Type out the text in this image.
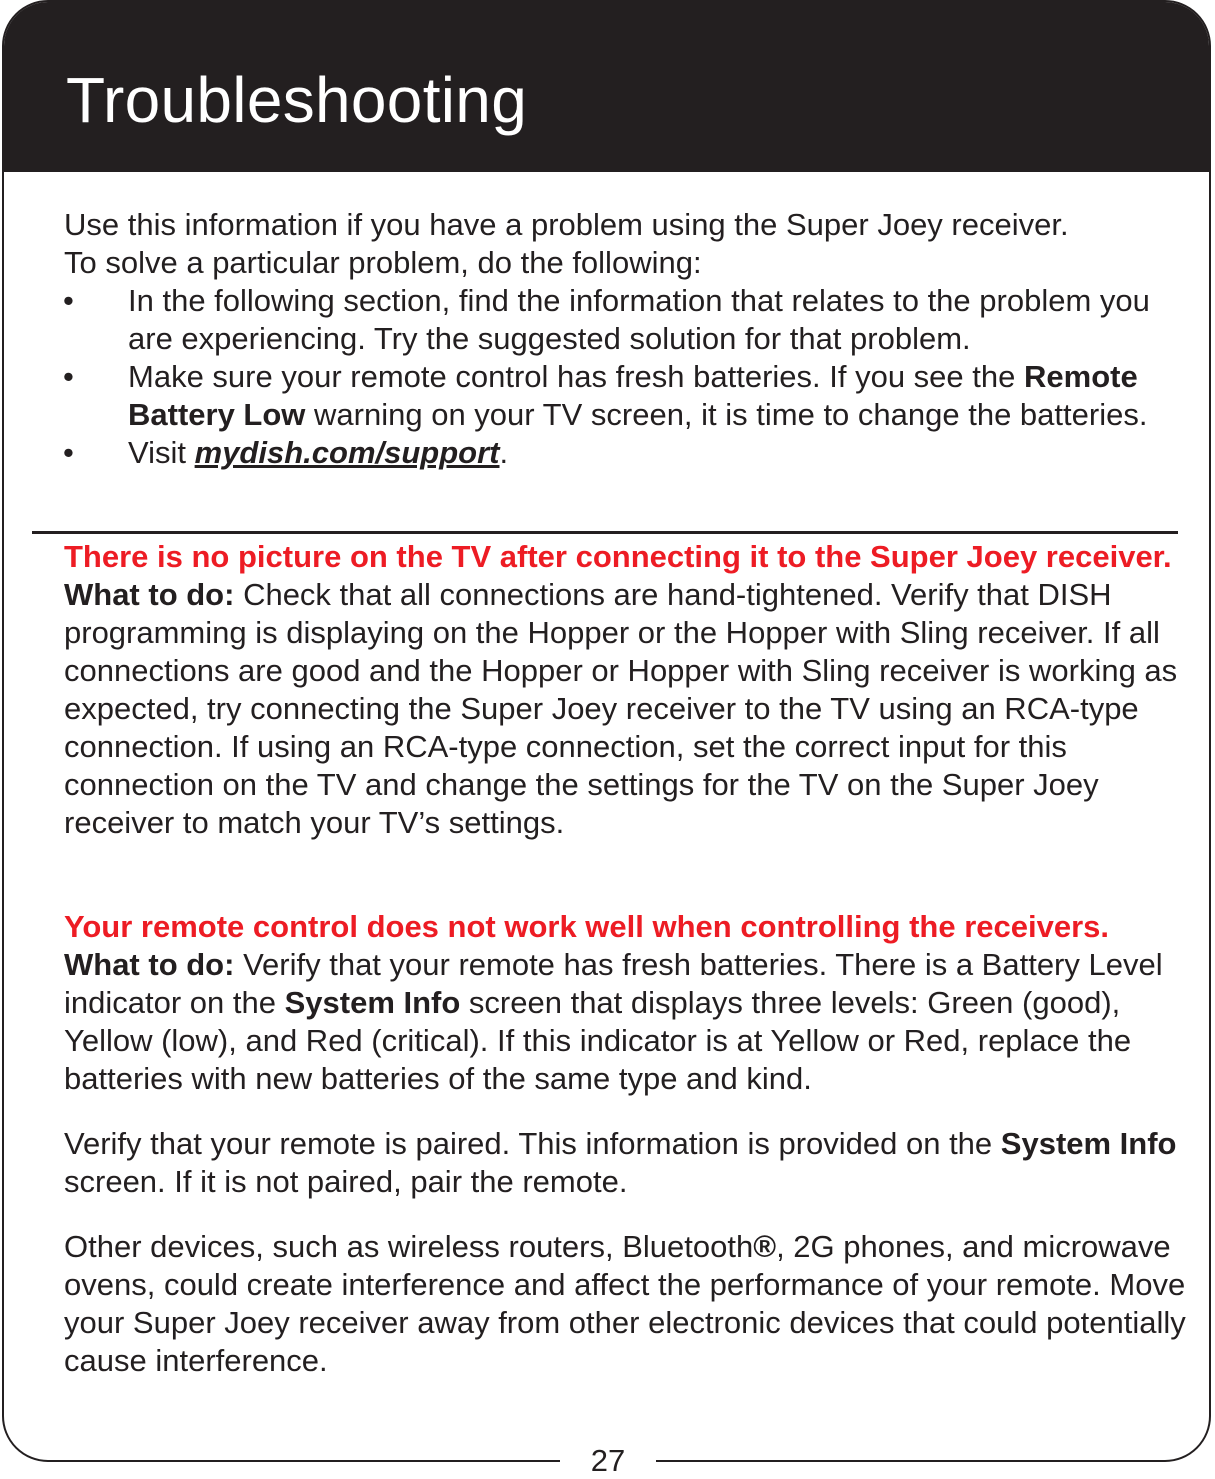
Troubleshooting

Use this information if you have a problem using the Super Joey receiver.

To solve a particular problem, do the following:

• In the following section, find the information that relates to the problem you are experiencing. Try the suggested solution for that problem.
• Make sure your remote control has fresh batteries. If you see the Remote Battery Low warning on your TV screen, it is time to change the batteries.
• Visit mydish.com/support.

There is no picture on the TV after connecting it to the Super Joey receiver.

What to do: Check that all connections are hand-tightened. Verify that DISH programming is displaying on the Hopper or the Hopper with Sling receiver. If all connections are good and the Hopper or Hopper with Sling receiver is working as expected, try connecting the Super Joey receiver to the TV using an RCA-type connection. If using an RCA-type connection, set the correct input for this connection on the TV and change the settings for the TV on the Super Joey receiver to match your TV’s settings.

Your remote control does not work well when controlling the receivers.

What to do: Verify that your remote has fresh batteries. There is a Battery Level indicator on the System Info screen that displays three levels: Green (good), Yellow (low), and Red (critical). If this indicator is at Yellow or Red, replace the batteries with new batteries of the same type and kind.

Verify that your remote is paired. This information is provided on the System Info screen. If it is not paired, pair the remote.

Other devices, such as wireless routers, Bluetooth®, 2G phones, and microwave ovens, could create interference and affect the performance of your remote. Move your Super Joey receiver away from other electronic devices that could potentially cause interference.

27
